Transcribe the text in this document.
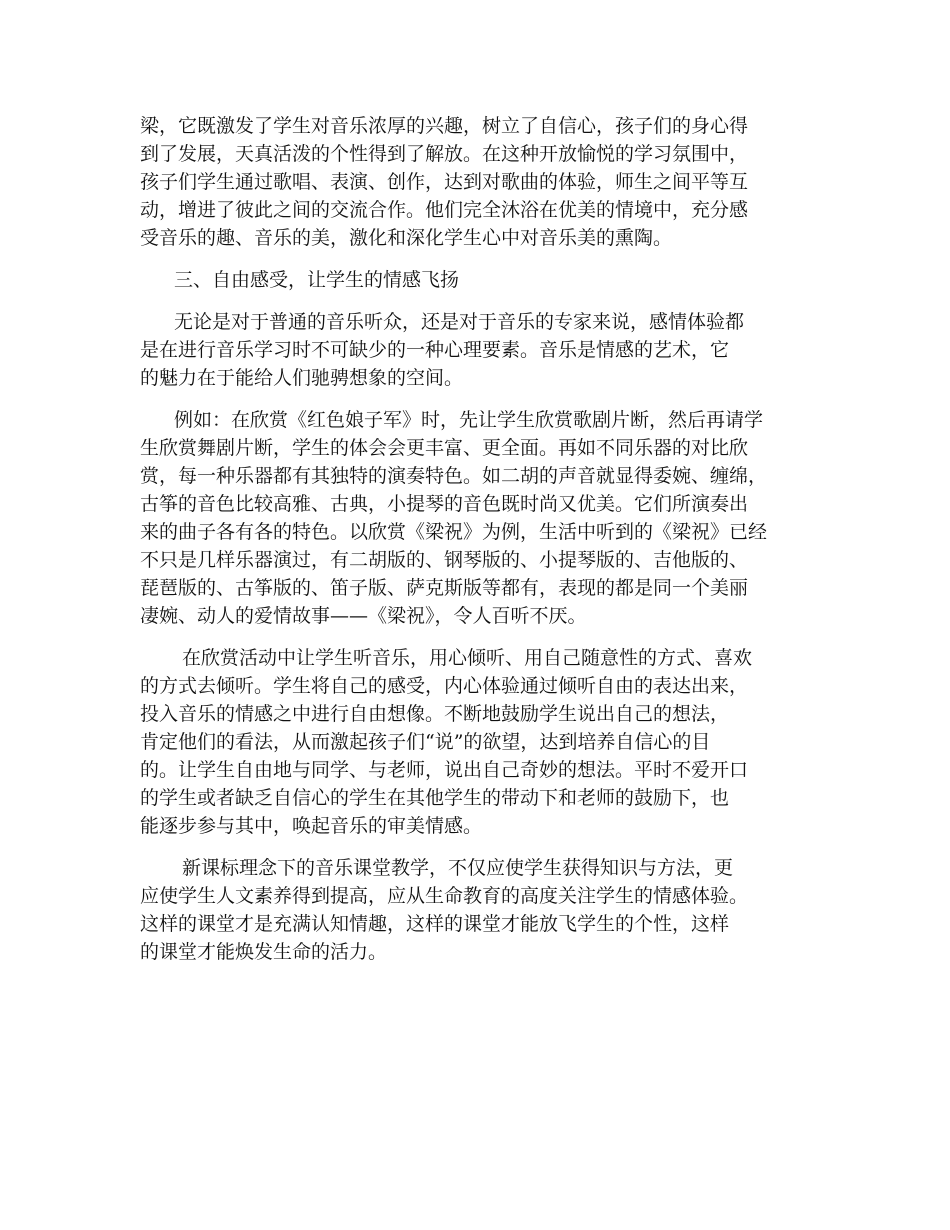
梁，它既激发了学生对音乐浓厚的兴趣，树立了自信心，孩子们的身心得
到了发展，天真活泼的个性得到了解放。在这种开放愉悦的学习氛围中，
孩子们学生通过歌唱、表演、创作，达到对歌曲的体验，师生之间平等互
动，增进了彼此之间的交流合作。他们完全沐浴在优美的情境中，充分感
受音乐的趣、音乐的美，激化和深化学生心中对音乐美的熏陶。

三、自由感受，让学生的情感飞扬

无论是对于普通的音乐听众，还是对于音乐的专家来说，感情体验都
是在进行音乐学习时不可缺少的一种心理要素。音乐是情感的艺术，它
的魅力在于能给人们驰骋想象的空间。

例如：在欣赏《红色娘子军》时，先让学生欣赏歌剧片断，然后再请学
生欣赏舞剧片断，学生的体会会更丰富、更全面。再如不同乐器的对比欣
赏，每一种乐器都有其独特的演奏特色。如二胡的声音就显得委婉、缠绵，
古筝的音色比较高雅、古典，小提琴的音色既时尚又优美。它们所演奏出
来的曲子各有各的特色。以欣赏《梁祝》为例，生活中听到的《梁祝》已经
不只是几样乐器演过，有二胡版的、钢琴版的、小提琴版的、吉他版的、
琵琶版的、古筝版的、笛子版、萨克斯版等都有，表现的都是同一个美丽
凄婉、动人的爱情故事——《梁祝》，令人百听不厌。

在欣赏活动中让学生听音乐，用心倾听、用自己随意性的方式、喜欢
的方式去倾听。学生将自己的感受，内心体验通过倾听自由的表达出来，
投入音乐的情感之中进行自由想像。不断地鼓励学生说出自己的想法，
肯定他们的看法，从而激起孩子们“说”的欲望，达到培养自信心的目
的。让学生自由地与同学、与老师，说出自己奇妙的想法。平时不爱开口
的学生或者缺乏自信心的学生在其他学生的带动下和老师的鼓励下，也
能逐步参与其中，唤起音乐的审美情感。

新课标理念下的音乐课堂教学，不仅应使学生获得知识与方法，更
应使学生人文素养得到提高，应从生命教育的高度关注学生的情感体验。
这样的课堂才是充满认知情趣，这样的课堂才能放飞学生的个性，这样
的课堂才能焕发生命的活力。
